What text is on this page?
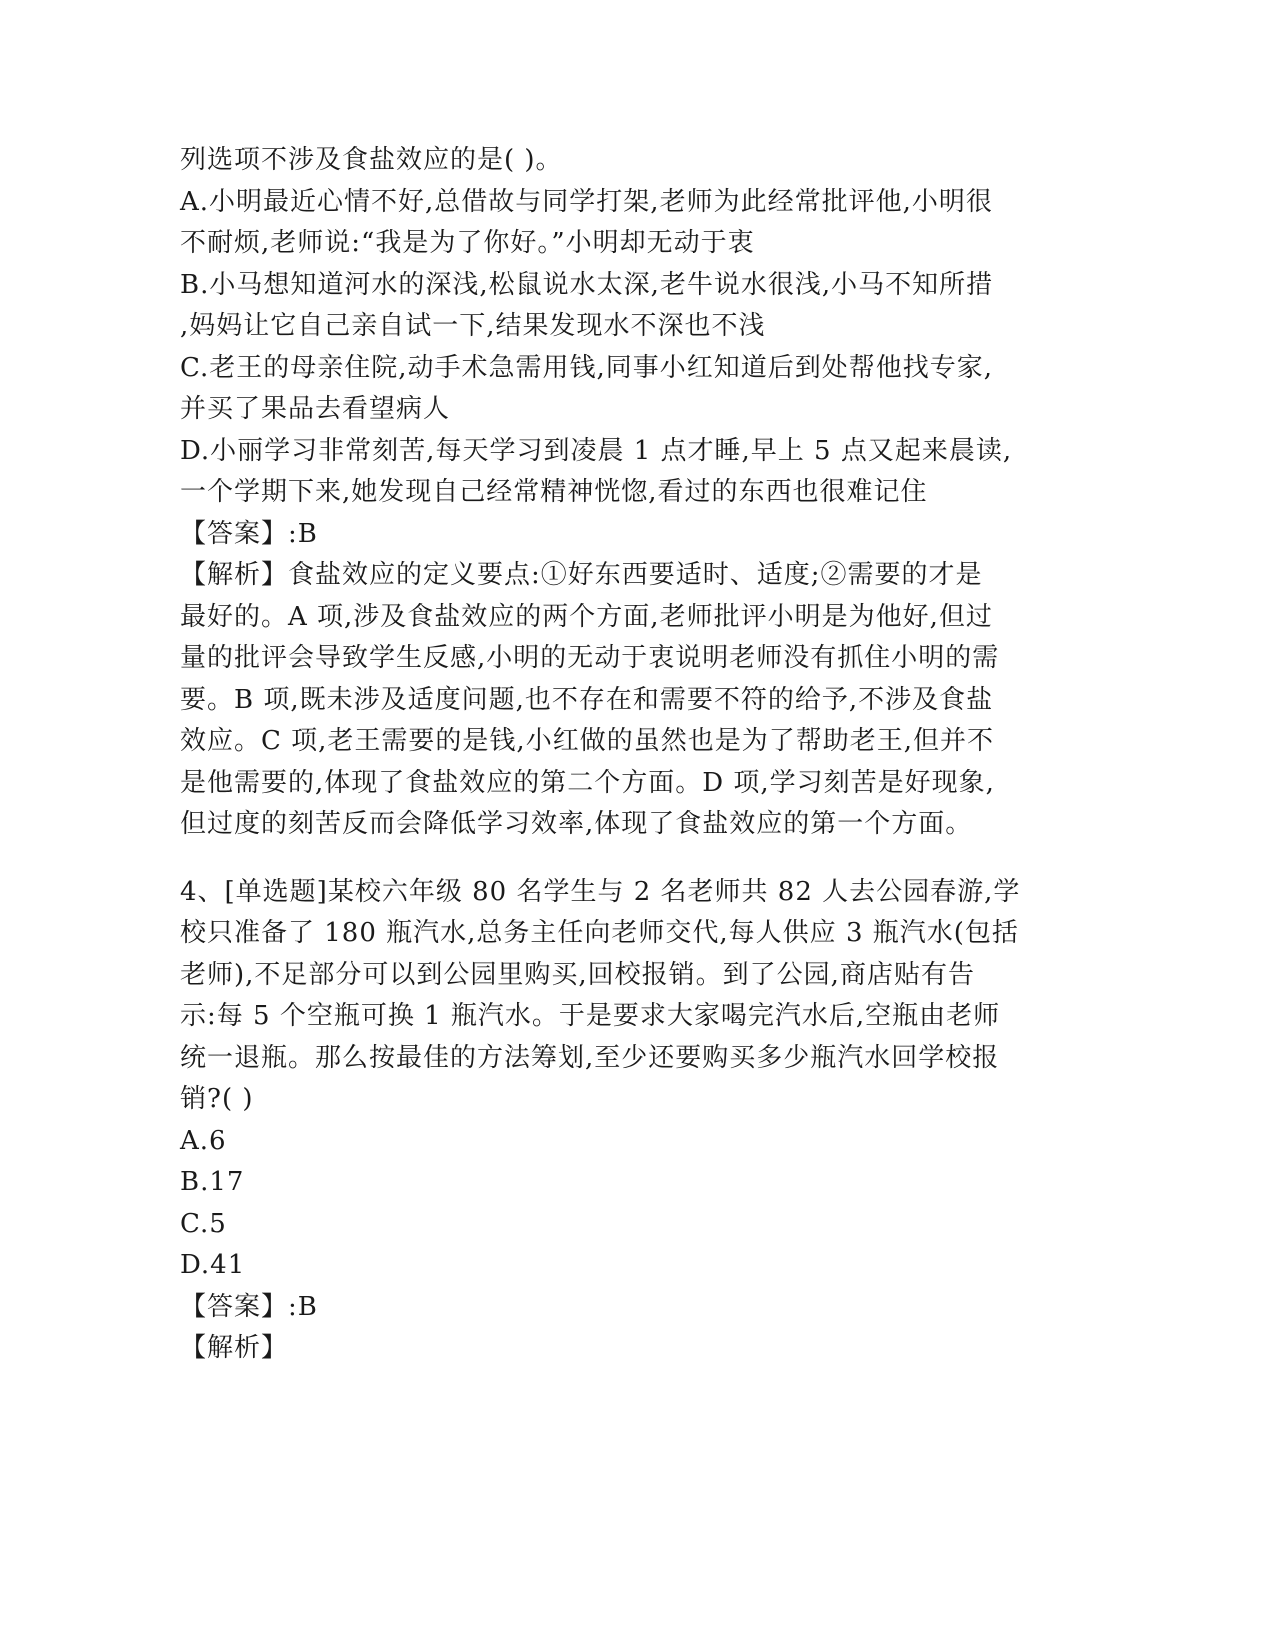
列选项不涉及食盐效应的是( )。
A.小明最近心情不好,总借故与同学打架,老师为此经常批评他,小明很
不耐烦,老师说:“我是为了你好。”小明却无动于衷
B.小马想知道河水的深浅,松鼠说水太深,老牛说水很浅,小马不知所措
,妈妈让它自己亲自试一下,结果发现水不深也不浅
C.老王的母亲住院,动手术急需用钱,同事小红知道后到处帮他找专家,
并买了果品去看望病人
D.小丽学习非常刻苦,每天学习到凌晨 1 点才睡,早上 5 点又起来晨读,
一个学期下来,她发现自己经常精神恍惚,看过的东西也很难记住
【答案】:B
【解析】食盐效应的定义要点:①好东西要适时、适度;②需要的才是
最好的。A 项,涉及食盐效应的两个方面,老师批评小明是为他好,但过
量的批评会导致学生反感,小明的无动于衷说明老师没有抓住小明的需
要。B 项,既未涉及适度问题,也不存在和需要不符的给予,不涉及食盐
效应。C 项,老王需要的是钱,小红做的虽然也是为了帮助老王,但并不
是他需要的,体现了食盐效应的第二个方面。D 项,学习刻苦是好现象,
但过度的刻苦反而会降低学习效率,体现了食盐效应的第一个方面。
4、[单选题]某校六年级 80 名学生与 2 名老师共 82 人去公园春游,学
校只准备了 180 瓶汽水,总务主任向老师交代,每人供应 3 瓶汽水(包括
老师),不足部分可以到公园里购买,回校报销。到了公园,商店贴有告
示:每 5 个空瓶可换 1 瓶汽水。于是要求大家喝完汽水后,空瓶由老师
统一退瓶。那么按最佳的方法筹划,至少还要购买多少瓶汽水回学校报
销?( )
A.6
B.17
C.5
D.41
【答案】:B
【解析】
